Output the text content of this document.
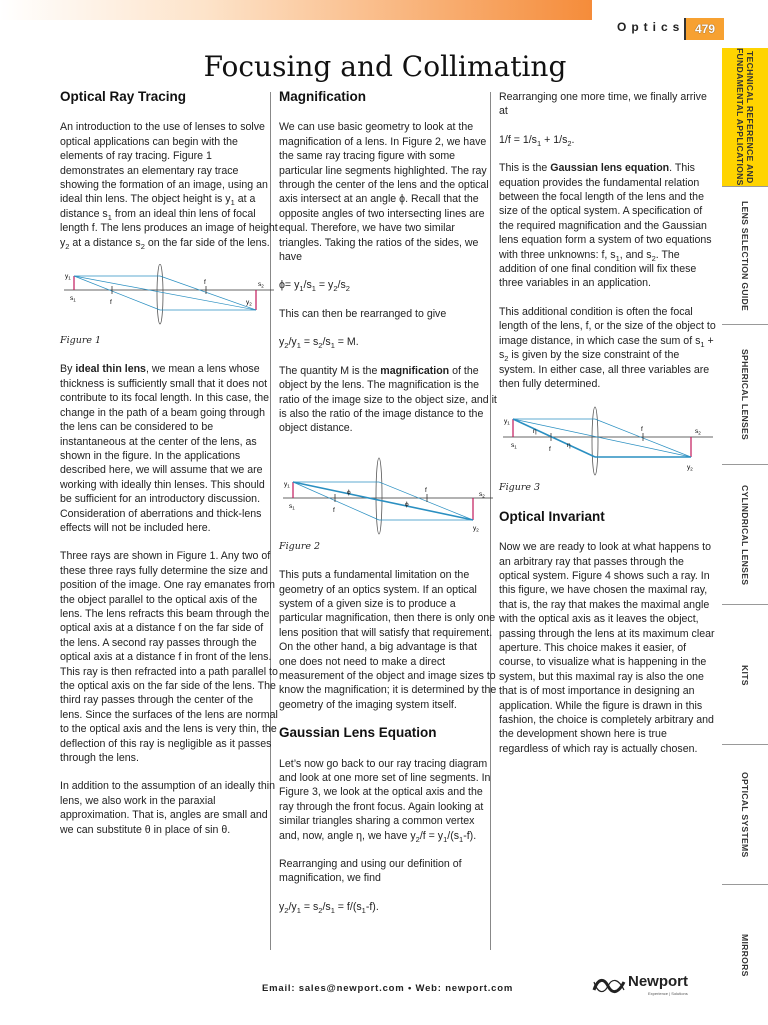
Optics 479
Focusing and Collimating
Optical Ray Tracing

An introduction to the use of lenses to solve optical applications can begin with the elements of ray tracing. Figure 1 demonstrates an elementary ray trace showing the formation of an image, using an ideal thin lens. The object height is $y_1$ at a distance $s_1$ from an ideal thin lens of focal length f. The lens produces an image of height $y_2$ at a distance $s_2$ on the far side of the lens.

$y_1$
$s_1$	f
f	$s_2$
$y_2$

Figure 1

By ideal thin lens, we mean a lens whose thickness is sufficiently small that it does not contribute to its focal length. In this case, the change in the path of a beam going through the lens can be considered to be instantaneous at the center of the lens, as shown in the figure. In the applications described here, we will assume that we are working with ideally thin lenses. This should be sufficient for an introductory discussion. Consideration of aberrations and thick-lens effects will not be included here.

Three rays are shown in Figure 1. Any two of these three rays fully determine the size and position of the image. One ray emanates from the object parallel to the optical axis of the lens. The lens refracts this beam through the optical axis at a distance f on the far side of the lens. A second ray passes through the optical axis at a distance f in front of the lens. This ray is then refracted into a path parallel to the optical axis on the far side of the lens. The third ray passes through the center of the lens. Since the surfaces of the lens are normal to the optical axis and the lens is very thin, the deflection of this ray is negligible as it passes through the lens.

In addition to the assumption of an ideally thin lens, we also work in the paraxial approximation. That is, angles are small and we can substitute θ in place of sin θ.

Magnification

We can use basic geometry to look at the magnification of a lens. In Figure 2, we have the same ray tracing figure with some particular line segments highlighted. The ray through the center of the lens and the optical axis intersect at an angle ϕ. Recall that the opposite angles of two intersecting lines are equal. Therefore, we have two similar triangles. Taking the ratios of the sides, we have

$\phi= y_1/s_1 = y_2/s_2$

This can then be rearranged to give

$y_2/y_1 = s_2/s_1 = M$.

The quantity M is the magnification of the object by the lens. The magnification is the ratio of the image size to the object size, and it is also the ratio of the image distance to the object distance.

$y_1$
$s_1$	f
f
ϕ
ϕ
$s_2$
$y_2$

Figure 2

This puts a fundamental limitation on the geometry of an optics system. If an optical system of a given size is to produce a particular magnification, then there is only one lens position that will satisfy that requirement. On the other hand, a big advantage is that one does not need to make a direct measurement of the object and image sizes to know the magnification; it is determined by the geometry of the imaging system itself.

Gaussian Lens Equation

Let’s now go back to our ray tracing diagram and look at one more set of line segments. In Figure 3, we look at the optical axis and the ray through the front focus. Again looking at similar triangles sharing a common vertex and, now, angle η, we have $y_2/f = y_1/(s_1-f)$.

Rearranging and using our definition of magnification, we find

$y_2/y_1 = s_2/s_1 = f/(s_1-f)$.

Rearranging one more time, we finally arrive at

$1/f = 1/s_1 + 1/s_2$.

This is the Gaussian lens equation. This equation provides the fundamental relation between the focal length of the lens and the size of the optical system. A specification of the required magnification and the Gaussian lens equation form a system of two equations with three unknowns: f, $s_1$, and $s_2$. The addition of one final condition will fix these three variables in an application.

This additional condition is often the focal length of the lens, f, or the size of the object to image distance, in which case the sum of $s_1 + s_2$ is given by the size constraint of the system. In either case, all three variables are then fully determined.

$y_1$
$s_1$	f
f
η
η
$s_2$
$y_2$

Figure 3

Optical Invariant

Now we are ready to look at what happens to an arbitrary ray that passes through the optical system. Figure 4 shows such a ray. In this figure, we have chosen the maximal ray, that is, the ray that makes the maximal angle with the optical axis as it leaves the object, passing through the lens at its maximum clear aperture. This choice makes it easier, of course, to visualize what is happening in the system, but this maximal ray is also the one that is of most importance in designing an application. While the figure is drawn in this fashion, the choice is completely arbitrary and the development shown here is true regardless of which ray is actually chosen.

TECHNICAL REFERENCE AND FUNDAMENTAL APPLICATIONS
LENS SELECTION GUIDE
SPHERICAL LENSES
CYLINDRICAL LENSES
KITS
OPTICAL SYSTEMS
MIRRORS
Email: sales@newport.com • Web: newport.com	Newport
Experience | Solutions
